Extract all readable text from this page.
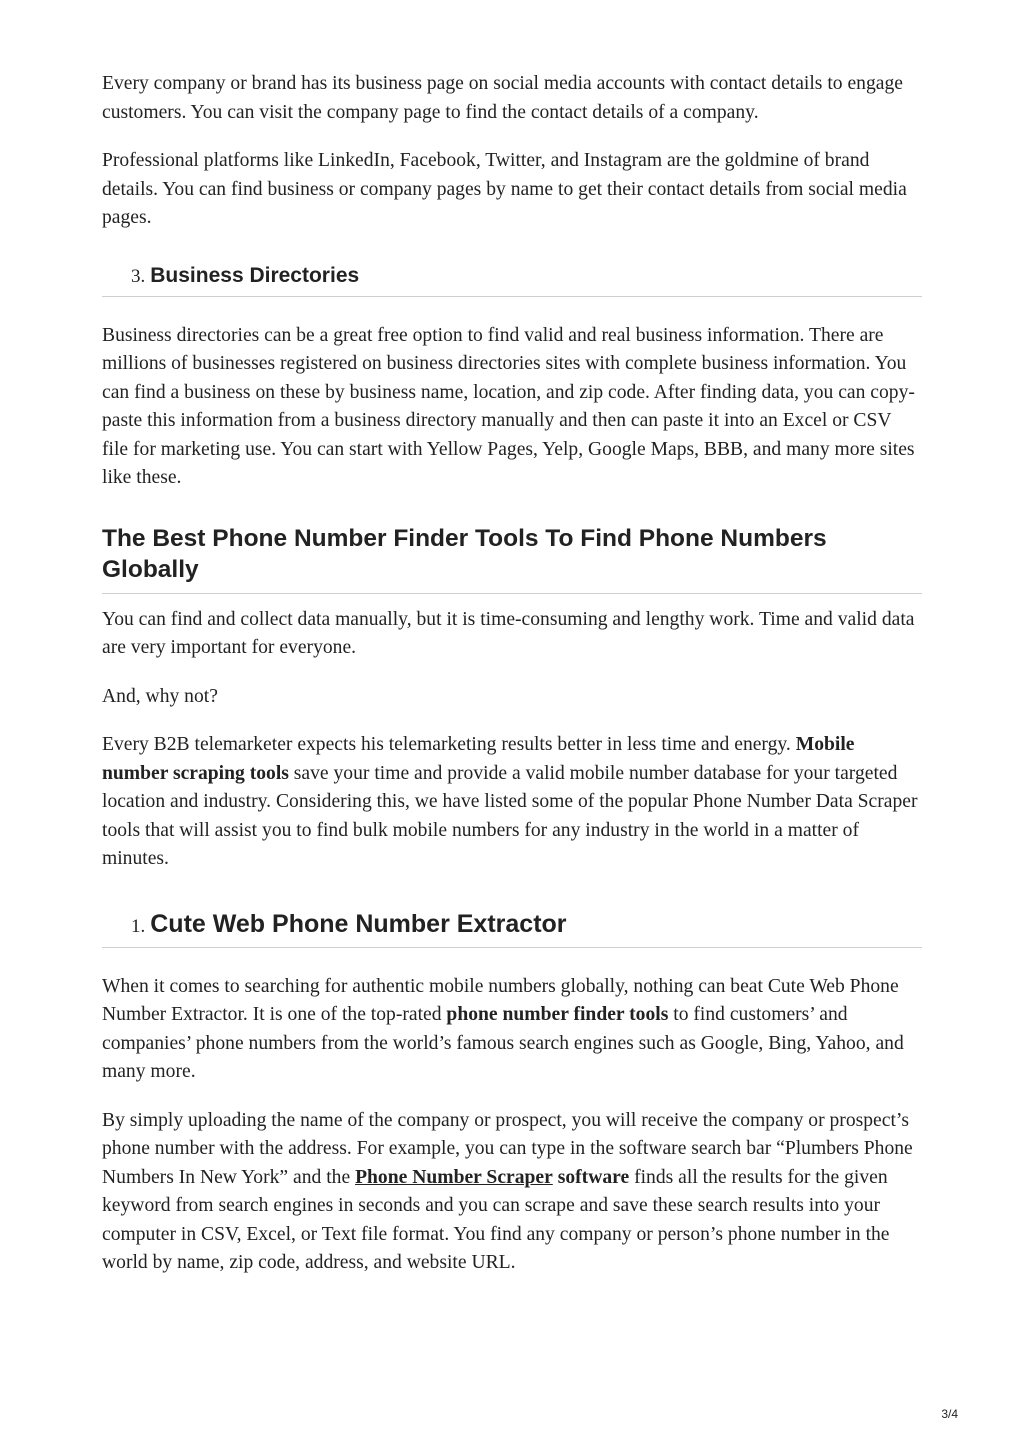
Every company or brand has its business page on social media accounts with contact details to engage customers. You can visit the company page to find the contact details of a company.

Professional platforms like LinkedIn, Facebook, Twitter, and Instagram are the goldmine of brand details. You can find business or company pages by name to get their contact details from social media pages.

3. Business Directories

Business directories can be a great free option to find valid and real business information. There are millions of businesses registered on business directories sites with complete business information. You can find a business on these by business name, location, and zip code. After finding data, you can copy-paste this information from a business directory manually and then can paste it into an Excel or CSV file for marketing use. You can start with Yellow Pages, Yelp, Google Maps, BBB, and many more sites like these.

The Best Phone Number Finder Tools To Find Phone Numbers Globally

You can find and collect data manually, but it is time-consuming and lengthy work. Time and valid data are very important for everyone.

And, why not?

Every B2B telemarketer expects his telemarketing results better in less time and energy. Mobile number scraping tools save your time and provide a valid mobile number database for your targeted location and industry. Considering this, we have listed some of the popular Phone Number Data Scraper tools that will assist you to find bulk mobile numbers for any industry in the world in a matter of minutes.

1. Cute Web Phone Number Extractor

When it comes to searching for authentic mobile numbers globally, nothing can beat Cute Web Phone Number Extractor. It is one of the top-rated phone number finder tools to find customers’ and companies’ phone numbers from the world’s famous search engines such as Google, Bing, Yahoo, and many more.

By simply uploading the name of the company or prospect, you will receive the company or prospect’s phone number with the address. For example, you can type in the software search bar “Plumbers Phone Numbers In New York” and the Phone Number Scraper software finds all the results for the given keyword from search engines in seconds and you can scrape and save these search results into your computer in CSV, Excel, or Text file format. You find any company or person’s phone number in the world by name, zip code, address, and website URL.

3/4
